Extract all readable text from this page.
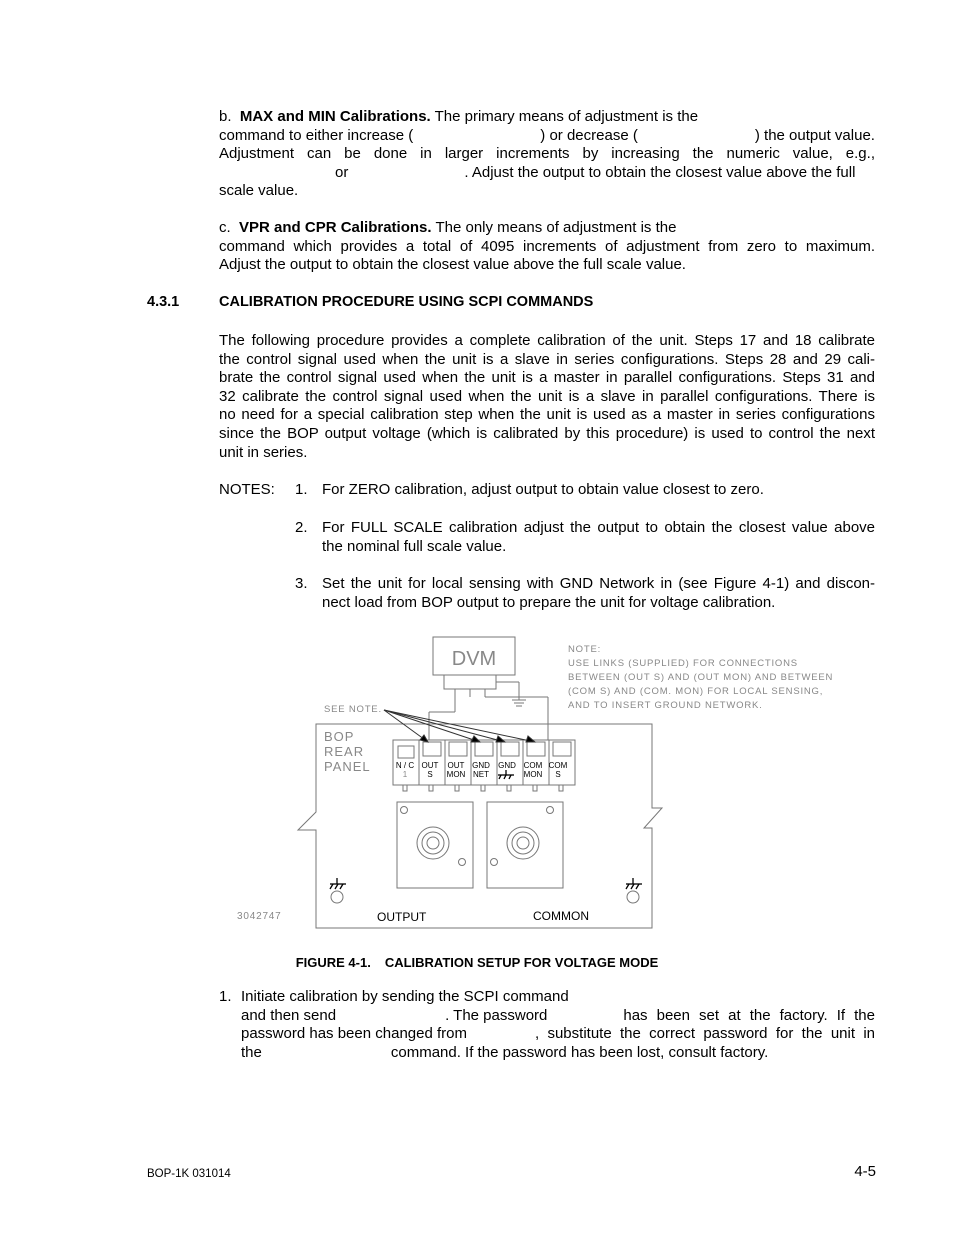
b. MAX and MIN Calibrations. The primary means of adjustment is the
command to either increase (	) or decrease (	) the output value.
Adjustment can be done in larger increments by increasing the numeric value, e.g.,
or	. Adjust the output to obtain the closest value above the full
scale value.
c. VPR and CPR Calibrations. The only means of adjustment is the
command which provides a total of 4095 increments of adjustment from zero to maximum.
Adjust the output to obtain the closest value above the full scale value.
4.3.1	CALIBRATION PROCEDURE USING SCPI COMMANDS
The following procedure provides a complete calibration of the unit. Steps 17 and 18 calibrate
the control signal used when the unit is a slave in series configurations. Steps 28 and 29 cali-
brate the control signal used when the unit is a master in parallel configurations. Steps 31 and
32 calibrate the control signal used when the unit is a slave in parallel configurations. There is
no need for a special calibration step when the unit is used as a master in series configurations
since the BOP output voltage (which is calibrated by this procedure) is used to control the next
unit in series.
NOTES: 1. For ZERO calibration, adjust output to obtain value closest to zero.
2. For FULL SCALE calibration adjust the output to obtain the closest value above
the nominal full scale value.
3. Set the unit for local sensing with GND Network in (see Figure 4-1) and discon-
nect load from BOP output to prepare the unit for voltage calibration.
DVM	NOTE:
USE LINKS (SUPPLIED) FOR CONNECTIONS
BETWEEN (OUT S) AND (OUT MON) AND BETWEEN
(COM S) AND (COM. MON) FOR LOCAL SENSING,
AND TO INSERT GROUND NETWORK.
SEE NOTE.
BOP
REAR
PANEL	N / C
1
OUT
S
OUT
MON
GND
NET
GND COM
MON
COM
S
3042747	OUTPUT	COMMON
FIGURE 4-1. CALIBRATION SETUP FOR VOLTAGE MODE
1. Initiate calibration by sending the SCPI command
and then send	. The password	has been set at the factory. If the
password has been changed from	, substitute the correct password for the unit in
the	command. If the password has been lost, consult factory.
BOP-1K 031014	4-5
